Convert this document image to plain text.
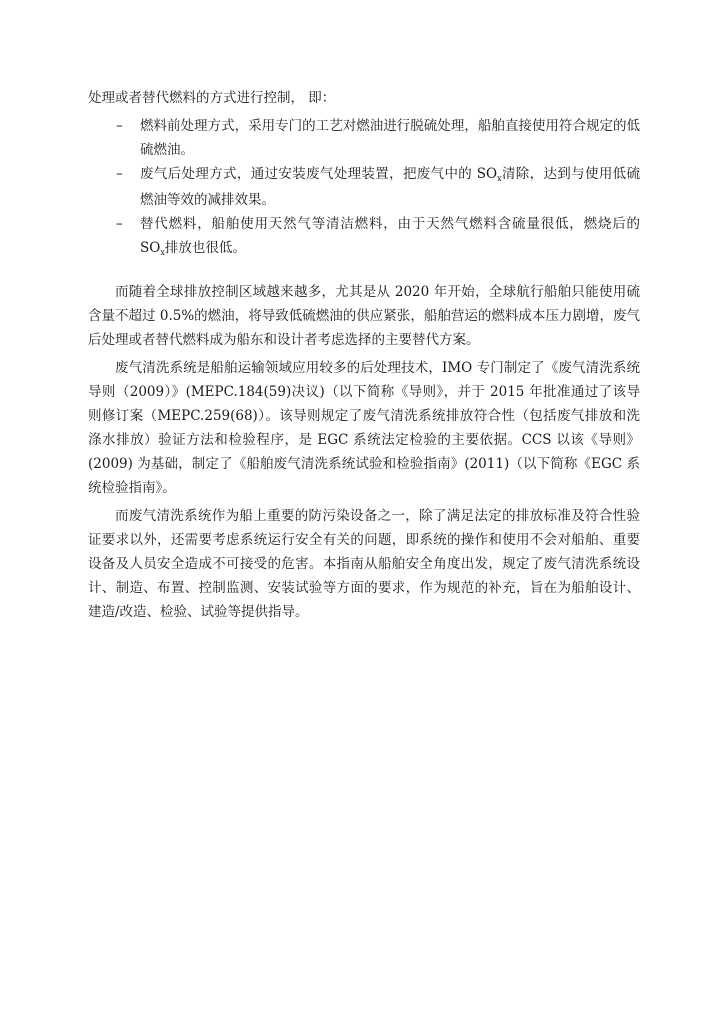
处理或者替代燃料的方式进行控制， 即：

–	燃料前处理方式，采用专门的工艺对燃油进行脱硫处理，船舶直接使用符合规定的低硫燃油。
–	废气后处理方式，通过安装废气处理装置，把废气中的 $SO_x$清除，达到与使用低硫燃油等效的减排效果。
–	替代燃料，船舶使用天然气等清洁燃料，由于天然气燃料含硫量很低，燃烧后的 $SO_x$排放也很低。

而随着全球排放控制区域越来越多，尤其是从 2020 年开始，全球航行船舶只能使用硫含量不超过 0.5%的燃油，将导致低硫燃油的供应紧张，船舶营运的燃料成本压力剧增，废气后处理或者替代燃料成为船东和设计者考虑选择的主要替代方案。

废气清洗系统是船舶运输领域应用较多的后处理技术，IMO 专门制定了《废气清洗系统导则（2009）》(MEPC.184(59)决议)（以下简称《导则》，并于 2015 年批准通过了该导则修订案（MEPC.259(68)）。该导则规定了废气清洗系统排放符合性（包括废气排放和洗涤水排放）验证方法和检验程序，是 EGC 系统法定检验的主要依据。CCS 以该《导则》(2009) 为基础，制定了《船舶废气清洗系统试验和检验指南》(2011)（以下简称《EGC 系统检验指南》。

而废气清洗系统作为船上重要的防污染设备之一，除了满足法定的排放标准及符合性验证要求以外，还需要考虑系统运行安全有关的问题，即系统的操作和使用不会对船舶、重要设备及人员安全造成不可接受的危害。本指南从船舶安全角度出发，规定了废气清洗系统设计、制造、布置、控制监测、安装试验等方面的要求，作为规范的补充，旨在为船舶设计、建造/改造、检验、试验等提供指导。
